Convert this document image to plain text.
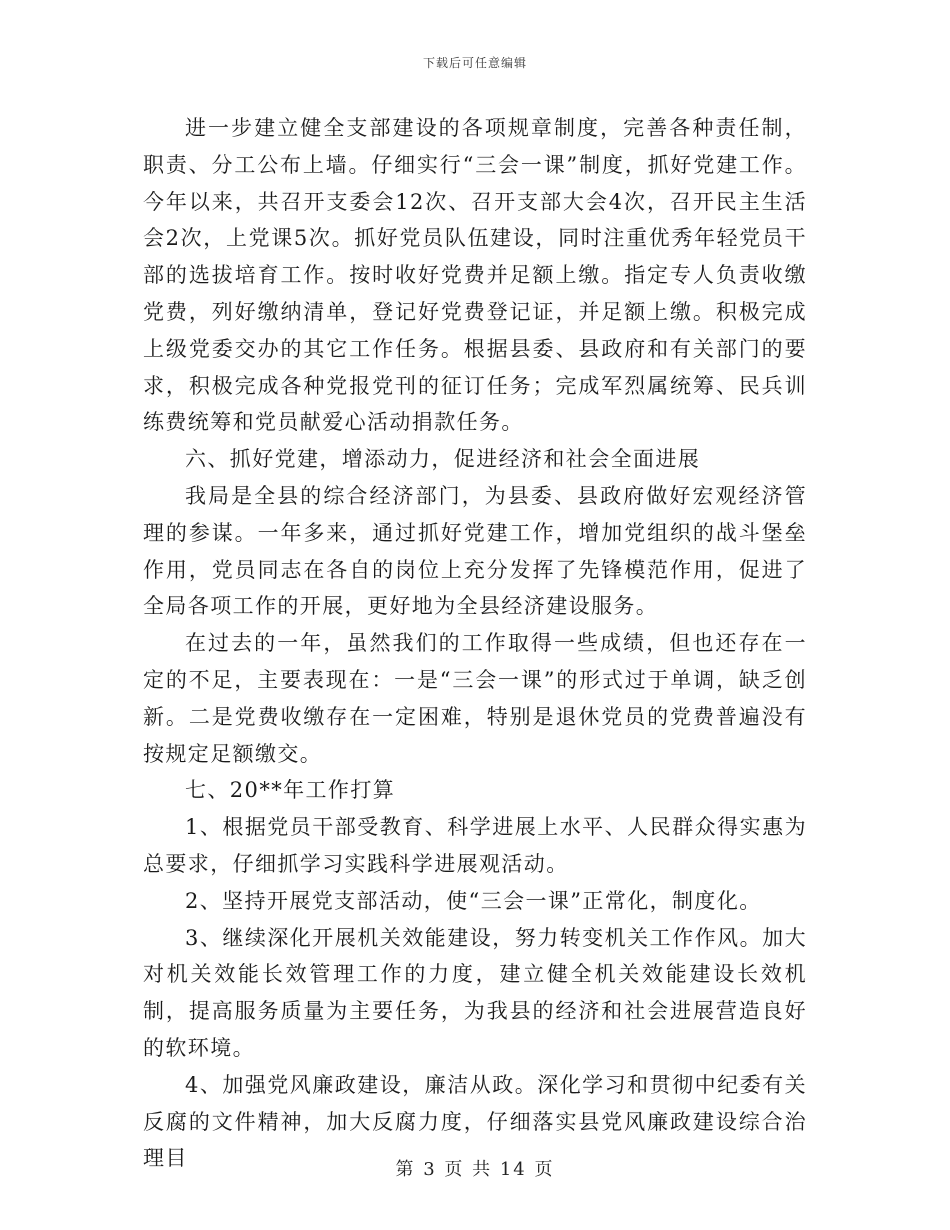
下载后可任意编辑

进一步建立健全支部建设的各项规章制度，完善各种责任制，职责、分工公布上墙。仔细实行“三会一课”制度，抓好党建工作。今年以来，共召开支委会12次、召开支部大会4次，召开民主生活会2次，上党课5次。抓好党员队伍建设，同时注重优秀年轻党员干部的选拔培育工作。按时收好党费并足额上缴。指定专人负责收缴党费，列好缴纳清单，登记好党费登记证，并足额上缴。积极完成上级党委交办的其它工作任务。根据县委、县政府和有关部门的要求，积极完成各种党报党刊的征订任务；完成军烈属统筹、民兵训练费统筹和党员献爱心活动捐款任务。

六、抓好党建，增添动力，促进经济和社会全面进展

我局是全县的综合经济部门，为县委、县政府做好宏观经济管理的参谋。一年多来，通过抓好党建工作，增加党组织的战斗堡垒作用，党员同志在各自的岗位上充分发挥了先锋模范作用，促进了全局各项工作的开展，更好地为全县经济建设服务。

在过去的一年，虽然我们的工作取得一些成绩，但也还存在一定的不足，主要表现在：一是“三会一课”的形式过于单调，缺乏创新。二是党费收缴存在一定困难，特别是退休党员的党费普遍没有按规定足额缴交。

七、20**年工作打算

1、根据党员干部受教育、科学进展上水平、人民群众得实惠为总要求，仔细抓学习实践科学进展观活动。

2、坚持开展党支部活动，使“三会一课”正常化，制度化。

3、继续深化开展机关效能建设，努力转变机关工作作风。加大对机关效能长效管理工作的力度，建立健全机关效能建设长效机制，提高服务质量为主要任务，为我县的经济和社会进展营造良好的软环境。

4、加强党风廉政建设，廉洁从政。深化学习和贯彻中纪委有关反腐的文件精神，加大反腐力度，仔细落实县党风廉政建设综合治理目	第 3 页 共 14 页
